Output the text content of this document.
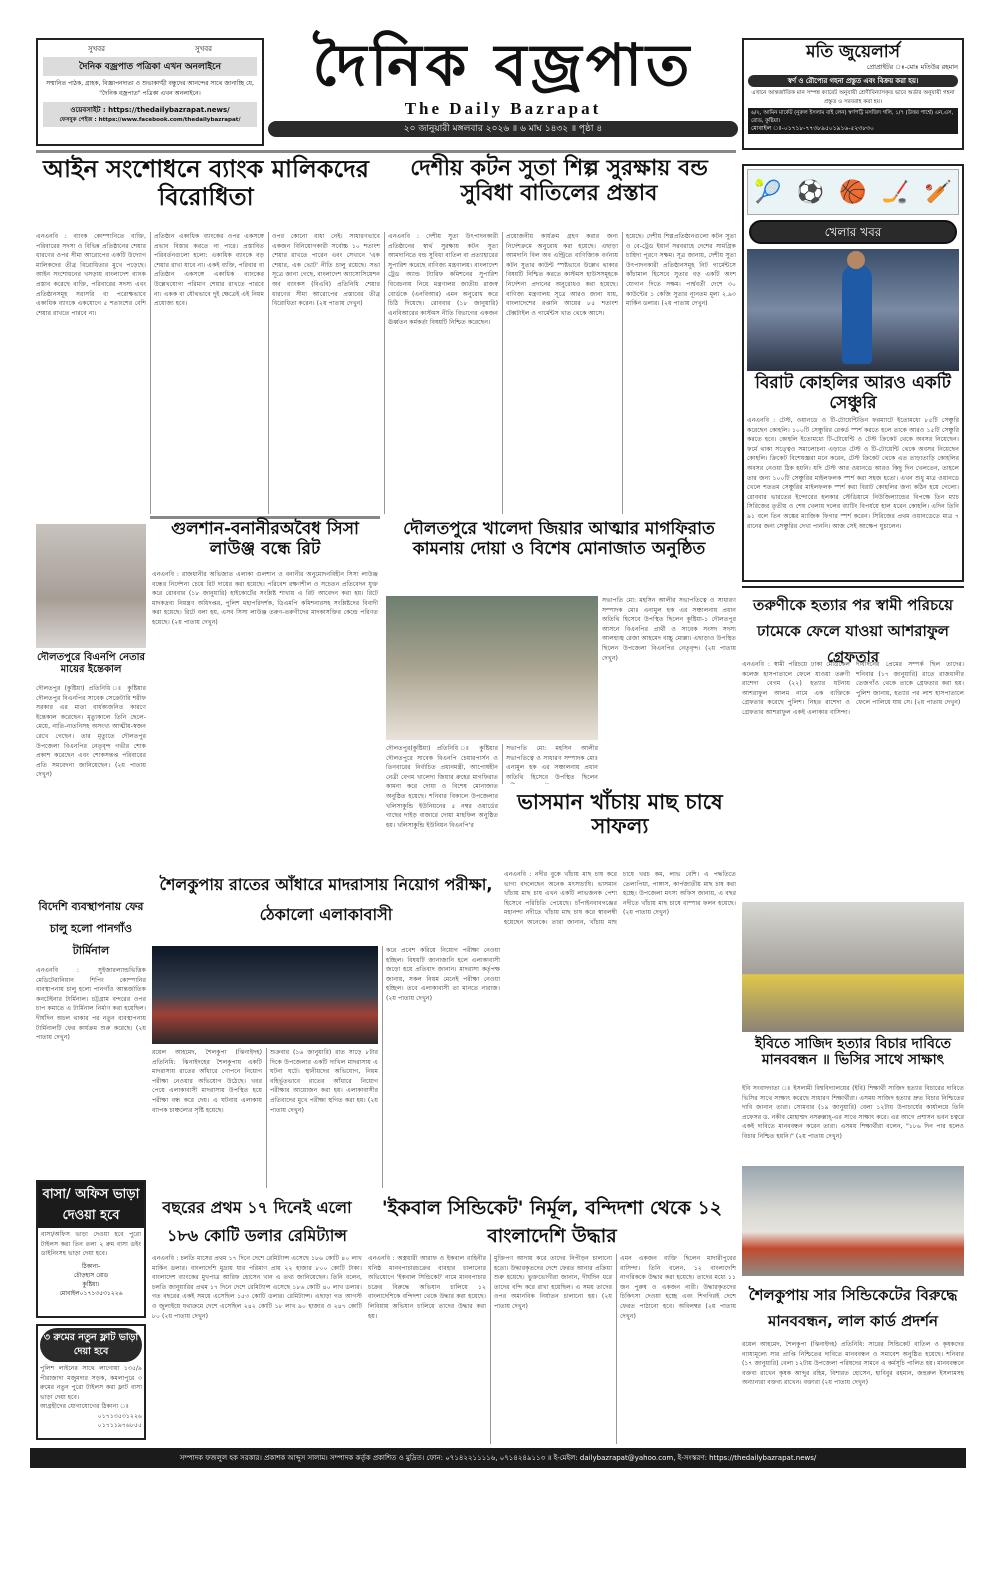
সুখবর	সুখবর
দৈনিক বজ্রপাত পত্রিকা এখন অনলাইনে
সম্মানিত পাঠক, গ্রাহক, বিজ্ঞাপনদাতা ও শুভাকাঙ্খী বন্ধুদের আনন্দের সাথে জানাচ্ছি যে, "দৈনিক বজ্রপাত" পত্রিকা এখন অনলাইনে।
ওয়েবসাইট : https://thedailybazrapat.news/
ফেসবুক পেইজ : https://www.facebook.com/thedailybazrapat/
দৈনিক বজ্রপাত
The Daily Bazrapat
২০ জানুয়ারী মঙ্গলবার ২০২৬ ॥ ৬ মাঘ ১৪৩২ ॥ পৃষ্ঠা ৪
মতি জুয়েলার্স
প্রোপ্রাইটর ঃ-মোঃ মতিউর রহমান
স্বর্ণ ও রৌপ্যের গহনা প্রস্তুত এবং বিক্রয় করা হয়।
এখানে আন্তর্জাতিক মান সম্পন্ন ক্যারেট অনুযায়ী শ্রেণীবিন্যাসকৃত ভাবে অর্ডার অনুযায়ী গহনা প্রস্তুত ও সরবরাহ করা হয়।
৬/২, আমিন মার্কেট (নুরুল ইসলাম বাই লেন) স্বর্ণপট্টি মসজিদ গলি, ১/৭ (উত্তর পার্শ্বে) এন,এস, রোড, কুষ্টিয়া।
মোবাইল ঃ-০১৭১৮-৭৭৩৮৯৫০১৯১৬-৫২৩৮৩০
আইন সংশোধনে ব্যাংক মালিকদের বিরোধিতা
দেশীয় কটন সুতা শিল্প সুরক্ষায় বন্ড সুবিধা বাতিলের প্রস্তাব
এনএনবি : ব্যাংক কোম্পানিতে ব্যক্তি, পরিবারের সদস্য ও বিভিন্ন প্রতিষ্ঠানের শেয়ার ধারণের ওপর সীমা আরোপের একটি উদ্যোগ মালিকদের তীব্র বিরোধিতার মুখে পড়েছে। আইন সংশোধনের খসড়ায় বাংলাদেশ ব্যাংক প্রস্তাব করেছে ব্যক্তি, পরিবারের সদস্য এবং প্রতিষ্ঠানসমূহ সরাসরি বা পরোক্ষভাবে একাধিক ব্যাংকে একযোগে ৫ শতাংশের বেশি শেয়ার রাখতে পারবে না।
প্রতিষ্ঠান একাধিক ব্যাংকের ওপর একসঙ্গে প্রভাব বিস্তার করতে না পারে। প্রস্তাবিত পরিবর্তনগুলো হলো: একাধিক ব্যাংকে বড় শেয়ার রাখা যাবে না। একই ব্যক্তি, পরিবার বা প্রতিষ্ঠান একসঙ্গে একাধিক ব্যাংকের উল্লেখযোগ্য পরিমাণ শেয়ার রাখতে পারবে না। একক বা যৌথভাবে দুই ক্ষেত্রেই এই নিয়ম প্রযোজ্য হবে।
ওপর কোনো বাধা নেই। সাধারণভাবে একজন বিনিয়োগকারী সর্বোচ্চ ১০ শতাংশ শেয়ার রাখতে পারেন এবং সেখানে 'এক শেয়ার, এক ভোট' নীতি চালু রয়েছে। সভা সূত্রে জানা গেছে, বাংলাদেশ অ্যাসোসিয়েশন অব ব্যাংকস (বিএবি) প্রতিনিধি শেয়ার ধারণের সীমা আরোপের প্রস্তাবের তীব্র বিরোধিতা করেন। (২য় পাতায় দেখুন)
এনএনবি : দেশীয় সুতা উৎপাদনকারী প্রতিষ্ঠানের স্বার্থ সুরক্ষায় কটন সুতা আমদানিতে বন্ড সুবিধা বাতিল বা প্রত্যাহারের সুপারিশ করেছে বাণিজ্য মন্ত্রণালয়। বাংলাদেশ ট্রেড অ্যান্ড ট্যারিফ কমিশনের সুপারিশ বিবেচনায় নিয়ে মন্ত্রণালয় জাতীয় রাজস্ব বোর্ডকে (এনবিআর) এমন অনুরোধ করে চিঠি দিয়েছে। রোববার (১৮ জানুয়ারি) এনবিআরের কাস্টমস নীতি বিভাগের একজন ঊর্ধ্বতন কর্মকর্তা বিষয়টি নিশ্চিত করেছেন।
প্রয়োজনীয় কার্যক্রম গ্রহণ করার জন্য নির্দেশক্রমে অনুরোধ করা হয়েছে। এছাড়া আমদানি বিল অব এন্ট্রিতে বাণিজ্যিক বর্ণনায় কটন সুতার কাউন্ট স্পষ্টভাবে উল্লেখ থাকার বিষয়টি নিশ্চিত করতে কাস্টমস হাউসসমূহকে নির্দেশনা প্রদানের অনুরোধও করা হয়েছে। বাণিজ্য মন্ত্রণালয় সূত্রে আরও জানা যায়, বাংলাদেশের রপ্তানি আয়ের ৮৫ শতাংশ টেক্সটাইল ও গার্মেন্টস খাত থেকে আসে।
হয়েছে। দেশীয় শিল্পপ্রতিষ্ঠানগুলো কটন সুতা ও বে-ট্রেড ইয়ার্ন সরবরাহে দেশের সামগ্রিক চাহিদা পূরণে সক্ষম। সূত্র জানায়, দেশীয় সুতা উৎপাদনকারী প্রতিষ্ঠানসমূহ নিট গার্মেন্টসে কাঁচামাল হিসেবে সুতার বড় একটি অংশ যোগান দিতে সক্ষম। পার্শ্ববর্তী দেশে ৩০ কাউন্টের ১ কেজি সুতার ন্যূনতম মূল্য ২.৯৩ মার্কিন ডলার। (২য় পাতায় দেখুন)
🎾 ⚽ 🏀 🏒 🏏
খেলার খবর
বিরাট কোহলির আরও একটি সেঞ্চুরি
এনএনবি : টেস্ট, ওয়ানডে ও টি-টোয়েন্টিতিন ফরম্যাটে ইতোমধ্যে ৮৫টি সেঞ্চুরি করেছেন কোহলি। ১০০টি সেঞ্চুরির রেকর্ড স্পর্শ করতে হলে তাকে আরও ১৫টি সেঞ্চুরি করতে হবে। কোহলি ইতোমধ্যে টি-টোয়েন্টি ও টেস্ট ক্রিকেট থেকে অবসর নিয়েছেন। ফর্মে থাকা সত্ত্বেও সমালোচনা এড়াতে টেস্ট ও টি-টোয়েন্টি থেকে অবসর নিয়েছেন কোহলি। ক্রিকেট বিশেষজ্ঞরা মনে করেন, টেস্ট ক্রিকেট থেকে এত তাড়াতাড়ি কোহলির অবসর নেওয়া ঠিক হয়নি। যদি টেস্ট আর ওয়ানডে আরও কিছু দিন খেলতেন, তাহলে তার জন্য ১০০টি সেঞ্চুরির মাইলফলক স্পর্শ করা সহজ হতো। এখন শুধু মাত্র ওয়ানডে খেলে শততম সেঞ্চুরির মাইলফলক স্পর্শ করা বিরাট কোহলির জন্য কঠিন হয়ে গেলো। রোববার ভারতের ইন্দোরের হলকার স্টেডিয়ামে নিউজিল্যান্ডের বিপক্ষে তিন ম্যাচ সিরিজের তৃতীয় ও শেষ খেলায় দলের ব্যাটিং বিপর্যয়ে হাল ধরেন কোহলি। এদিন তিনি ৯১ বলে তিন অঙ্কের ম্যাজিক ফিগার স্পর্শ করেন। সিরিজের প্রথম ওয়ানডেতে মাত্র ৭ রানের জন্য সেঞ্চুরির দেখা পাননি। আজ সেই আক্ষেপ ঘুচালেন।
দৌলতপুরে বিএনপি নেতার মায়ের ইন্তেকাল
দৌলতপুর (কুষ্টিয়া) প্রতিনিধি ঃ কুষ্টিয়ার দৌলতপুর বিএনপির সাবেক সেক্রেটারি শরীফ সরকার এর মাতা বার্ধক্যজনিত কারণে ইন্তেকাল করেছেন। মৃত্যুকালে তিনি ছেলে-মেয়ে, নাতি-নাতনিসহ অসংখ্য আত্মীয়-স্বজন রেখে গেছেন। তার মৃত্যুতে দৌলতপুর উপজেলা বিএনপির নেতৃবৃন্দ গভীর শোক প্রকাশ করেছেন এবং শোকসন্তপ্ত পরিবারের প্রতি সমবেদনা জানিয়েছেন। (২য় পাতায় দেখুন)
গুলশান-বনানীরঅবৈধ সিসা লাউঞ্জ বন্ধে রিট
এনএনবি : রাজধানীর অভিজাত এলাকা গুলশান ও বনানীর অনুমোদনবিহীন সিসা লাউঞ্জ বন্ধের নির্দেশনা চেয়ে রিট দায়ের করা হয়েছে। পরিবেশ রক্ষণশীল ও সচেতন প্রতিবেদন যুক্ত করে রোববার (১৮ জানুয়ারি) হাইকোর্টের সংশ্লিষ্ট শাখায় এ রিট আবেদন করা হয়। রিটে মাদকদ্রব্য নিয়ন্ত্রণ অধিদপ্তর, পুলিশ মহাপরিদর্শক, ডিএমপি কমিশনারসহ সংশ্লিষ্টদের বিবাদী করা হয়েছে। রিটে বলা হয়, এসব সিসা লাউঞ্জ তরুণ-তরুণীদের মাদকাসক্তির কেন্দ্রে পরিণত হয়েছে। (২য় পাতায় দেখুন)
দৌলতপুরে খালেদা জিয়ার আত্মার মাগফিরাত কামনায় দোয়া ও বিশেষ মোনাজাত অনুষ্ঠিত
দৌলতপুর(কুষ্টিয়া) প্রতিনিধি ঃ কুষ্টিয়ার দৌলতপুরে সাবেক বিএনপি চেয়ারপার্সন ও তিনবারের নির্বাচিত প্রধানমন্ত্রী, আপোষহীন নেত্রী বেগম খালেদা জিয়ার রুহের মাগফিরাত কামনা করে দোয়া ও বিশেষ মোনাজাত অনুষ্ঠিত হয়েছে। শনিবার বিকালে উপজেলার খলিসাকুন্ডি ইউনিয়নের ৫ নম্বর ওয়ার্ডের গাছের দাইড় বাজারে দোয়া মাহফিল অনুষ্ঠিত হয়। খলিসাকুন্ডি ইউনিয়ন বিএনপি'র
সভাপতি মো: মহসিন আলীর সভাপতিত্বে ও সাধারণ সম্পাদক মোঃ এনামুল হক এর সঞ্চালনায় প্রধান অতিথি হিসেবে উপস্থিত ছিলেন
সভাপতি মো: মহসিন আলীর সভাপতিত্বে ও সাধারণ সম্পাদক মোঃ এনামুল হক এর সঞ্চালনায় প্রধান অতিথি হিসেবে উপস্থিত ছিলেন কুষ্টিয়া-১ দৌলতপুর আসনে বিএনপির প্রার্থী ও সাবেক সংসদ সদস্য আলহাজ্ব রেজা আহমেদ বাচ্চু মোল্লা। এছাড়াও উপস্থিত ছিলেন উপজেলা বিএনপির নেতৃবৃন্দ। (২য় পাতায় দেখুন)
ভাসমান খাঁচায় মাছ চাষে সাফল্য
এনএনবি : নদীর বুকে খাঁচায় মাছ চাষ করে ভাগ্য বদলেছেন অনেক মৎস্যচাষি। ভাসমান খাঁচায় মাছ চাষ এখন একটি লাভজনক পেশা হিসেবে পরিচিতি পেয়েছে। চাঁপাইনবাবগঞ্জের মহানন্দা নদীতে খাঁচায় মাছ চাষ করে স্বাবলম্বী হয়েছেন অনেকে। তারা জানান, খাঁচায় মাছ চাষে খরচ কম, লাভ বেশি। এ পদ্ধতিতে তেলাপিয়া, পাঙ্গাস, কার্পজাতীয় মাছ চাষ করা হচ্ছে। উপজেলা মৎস্য অফিস জানায়, এ বছর নদীতে খাঁচায় মাছ চাষে বাম্পার ফলন হয়েছে। (২য় পাতায় দেখুন)
তরুণীকে হত্যার পর স্বামী পরিচয়ে ঢামেকে ফেলে যাওয়া আশরাফুল গ্রেফতার
এনএনবি : স্বামী পরিচয়ে ঢাকা মেডিকেল কলেজ হাসপাতালে ফেলে যাওয়া তরুণী রাশেদা বেগম (২২) হত্যার ঘটনায় আশরাফুল আলম নামে এক ব্যক্তিকে গ্রেফতার করেছে পুলিশ। নিহত রাশেদা ও গ্রেফতার আশরাফুল একই এলাকার বাসিন্দা। দীর্ঘদিনের প্রেমের সম্পর্ক ছিল তাদের। শনিবার (১৭ জানুয়ারি) রাতে রাজধানীর তেজগাঁও থেকে তাকে গ্রেফতার করা হয়। পুলিশ জানায়, হত্যার পর লাশ হাসপাতালে ফেলে পালিয়ে যায় সে। (২য় পাতায় দেখুন)
ইবিতে সাজিদ হত্যার বিচার দাবিতে মানববন্ধন ॥ ভিসির সাথে সাক্ষাৎ
ইবি সংবাদদাতা ঃ ইসলামী বিশ্ববিদ্যালয়ের (ইবি) শিক্ষার্থী সাজিদ হত্যার বিচারের দাবিতে ভিসির সাথে সাক্ষাৎ করেছে সাধারণ শিক্ষার্থীরা। এসময় সাজিদ হত্যার দ্রুত বিচার নিশ্চিতের দাবি জানান তারা। সোমবার (১৯ জানুয়ারি) বেলা ১২টায় উপাচার্যের কার্যালয়ে তিনি প্রফেসর ড. নকীব মোহাম্মদ নসরুল্লাহ্-এর সাথে সাক্ষাৎ করে। এর আগে প্রশাসন ভবন চত্বরে একই দাবিতে মানববন্ধন করেন তারা। এসময় শিক্ষার্থীরা বলেন, "১৮৬ দিন পার হলেও বিচার নিশ্চিত হয়নি।" (২য় পাতায় দেখুন)
বিদেশি ব্যবস্থাপনায় ফের চালু হলো পানগাঁও টার্মিনাল
এনএনবি : সুইজারল্যান্ডভিত্তিক মেডিটেরানিয়ান শিপিং কোম্পানির ব্যবস্থাপনায় চালু হলো পানগাঁও আন্তর্জাতিক কনটেইনার টার্মিনাল। চট্টগ্রাম বন্দরের ওপর চাপ কমাতে এ টার্মিনাল নির্মাণ করা হয়েছিল। দীর্ঘদিন অচল থাকার পর নতুন ব্যবস্থাপনায় টার্মিনালটি ফের কার্যক্রম শুরু করেছে। (২য় পাতায় দেখুন)
বাসা/ অফিস ভাড়া দেওয়া হবে
বাসা/অফিস ভাড়া দেওয়া হবে পুরো টাইলস করা তিন তলা ২ রুম বাসা ডইং ডাইনিংসহ ভাড়া দেয়া হবে।
ঠিকানা-
চৌড়হাস রোড
কুষ্টিয়া।
মোবাইল০১৭১৩৫৩১২২৬
৩ রুমের নতুন ফ্লাট ভাড়া দেয়া হবে
পুলিশ লাইনের সাথে লাগোয়া ১৩৫/৯ পীরাজাদা মজুমদার সড়ক, কমলাপুরে ৩ রুমের নতুন পুরো টাইলস করা ফ্লাট বাসা ভাড়া দেয়া হবে।
আগ্রহীদের যোগাযোগের ঠিকানা ঃ
০১৭১৩৫৩১২২৬
০১৭১১৯৭৬৮৫৫
শৈলকুপায় রাতের আঁধারে মাদরাসায় নিয়োগ পরীক্ষা, ঠেকালো এলাকাবাসী
রয়েল আহমেদ, শৈলকুপা (ঝিনাইদহ) প্রতিনিধি: ঝিনাইদহের শৈলকুপায় একটি মাদরাসায় রাতের আঁধারে গোপনে নিয়োগ পরীক্ষা নেওয়ার অভিযোগ উঠেছে। খবর পেয়ে এলাকাবাসী মাদরাসায় উপস্থিত হয়ে পরীক্ষা বন্ধ করে দেয়। এ ঘটনায় এলাকায় ব্যাপক চাঞ্চল্যের সৃষ্টি হয়েছে।
শুক্রবার (১৬ জানুয়ারি) রাত সাড়ে ৮টার দিকে উপজেলার একটি দাখিল মাদরাসায় এ ঘটনা ঘটে। স্থানীয়দের অভিযোগ, নিয়ম বহির্ভূতভাবে রাতের আঁধারে নিয়োগ পরীক্ষার আয়োজন করা হয়। এলাকাবাসীর প্রতিবাদের মুখে পরীক্ষা স্থগিত করা হয়। (২য় পাতায় দেখুন)
করে প্রবেশ করিয়ে নিয়োগ পরীক্ষা নেওয়া হচ্ছিল। বিষয়টি জানাজানি হলে এলাকাবাসী জড়ো হয়ে প্রতিবাদ জানান। মাদরাসা কর্তৃপক্ষ জানায়, সকল নিয়ম মেনেই পরীক্ষা নেওয়া হচ্ছিল। তবে এলাকাবাসী তা মানতে নারাজ। (২য় পাতায় দেখুন)
বছরের প্রথম ১৭ দিনেই এলো ১৮৬ কোটি ডলার রেমিট্যান্স
এনএনবি : চলতি মাসের প্রথম ১৭ দিনে দেশে রেমিট্যান্স এসেছে ১৮৬ কোটি ৪০ লাখ মার্কিন ডলার। বাংলাদেশি মুদ্রায় যার পরিমাণ প্রায় ২২ হাজার ৮০০ কোটি টাকা। বাংলাদেশ ব্যাংকের মুখপাত্র আরিফ হোসেন খান এ তথ্য জানিয়েছেন। তিনি বলেন, চলতি জানুয়ারির প্রথম ১৭ দিনে দেশে রেমিট্যান্স এসেছে ১৮৬ কোটি ৪০ লাখ ডলার। গত বছরের একই সময়ে এসেছিল ১৫৩ কোটি ডলার। রেমিট্যান্স। এছাড়া গত আগস্ট ও জুলাইয়ে যথাক্রমে দেশে এসেছিল ২৪২ কোটি ১৮ লাখ ৯০ হাজার ও ২৪৭ কোটি ৮০ (২য় পাতায় দেখুন)
'ইকবাল সিন্ডিকেট' নির্মূল, বন্দিদশা থেকে ১২ বাংলাদেশি উদ্ধার
এনএনবি : অস্ত্রধারী আরাফ ও ইকবাল বাহিনীর ঘনিষ্ঠ মানবপাচারচক্রের ব্যবহার চালানোর অভিযোগে 'ইকবাল সিন্ডিকেট' নামে মানবপাচার চক্রের বিরুদ্ধে অভিযান চালিয়ে ১২ বাংলাদেশিকে বন্দিদশা থেকে উদ্ধার করা হয়েছে। লিবিয়ায় অভিযান চালিয়ে তাদের উদ্ধার করা হয়।
মুক্তিপণ আদায় করে তাদের নিপীড়ন চালানো হতো। উদ্ধারকৃতদের দেশে ফেরত আনার প্রক্রিয়া শুরু হয়েছে। ভুক্তভোগীরা জানান, দীর্ঘদিন ধরে তাদের বন্দি করে রাখা হয়েছিল। এ সময় তাদের ওপর অমানবিক নির্যাতন চালানো হয়। (২য় পাতায় দেখুন)
এমন একজন ব্যক্তি ছিলেন মাদারীপুরের বাসিন্দা। তিনি বলেন, ১২ বাংলাদেশি নাগরিককে উদ্ধার করা হয়েছে। তাদের মধ্যে ১১ জন পুরুষ ও একজন নারী। উদ্ধারকৃতদের চিকিৎসা দেওয়া হচ্ছে এবং শিগগিরই দেশে ফেরত পাঠানো হবে। অবিলম্বর (২য় পাতায় দেখুন)
শৈলকুপায় সার সিন্ডিকেটের বিরুদ্ধে মানববন্ধন, লাল কার্ড প্রদর্শন
রয়েল আহমেদ, শৈলকুপা (ঝিনাইদহ) প্রতিনিধি: সারের সিন্ডিকেট বাতিল ও কৃষকদের ন্যায্যমূল্যে সার প্রাপ্তি নিশ্চিতের দাবিতে মানববন্ধন ও সমাবেশ অনুষ্ঠিত হয়েছে। শনিবার (১৭ জানুয়ারি) বেলা ১২টায় উপজেলা পরিষদের সামনে এ কর্মসূচি পালিত হয়। মানববন্ধনে বক্তব্য রাখেন কৃষক আব্দুর রহিম, বিশারত হোসেন, হাবিবুর রহমান, জহুরুল ইসলামসহ অন্যান্যরা বক্তব্য রাখেন। বক্তারা (২য় পাতায় দেখুন)
সম্পাদক ফজলুল হক সরকার। প্রকাশক আব্দুস সালাম। সম্পাদক কর্তৃক প্রকাশিত ও মুদ্রিত। ফোন: ০৭১৪২২১১১১৬, ০৭১৪২৪৯১১৩ ॥ ই-মেইল: dailybazrapat@yahoo.com, ই-সংস্করণ: https://thedailybazrapat.news/
